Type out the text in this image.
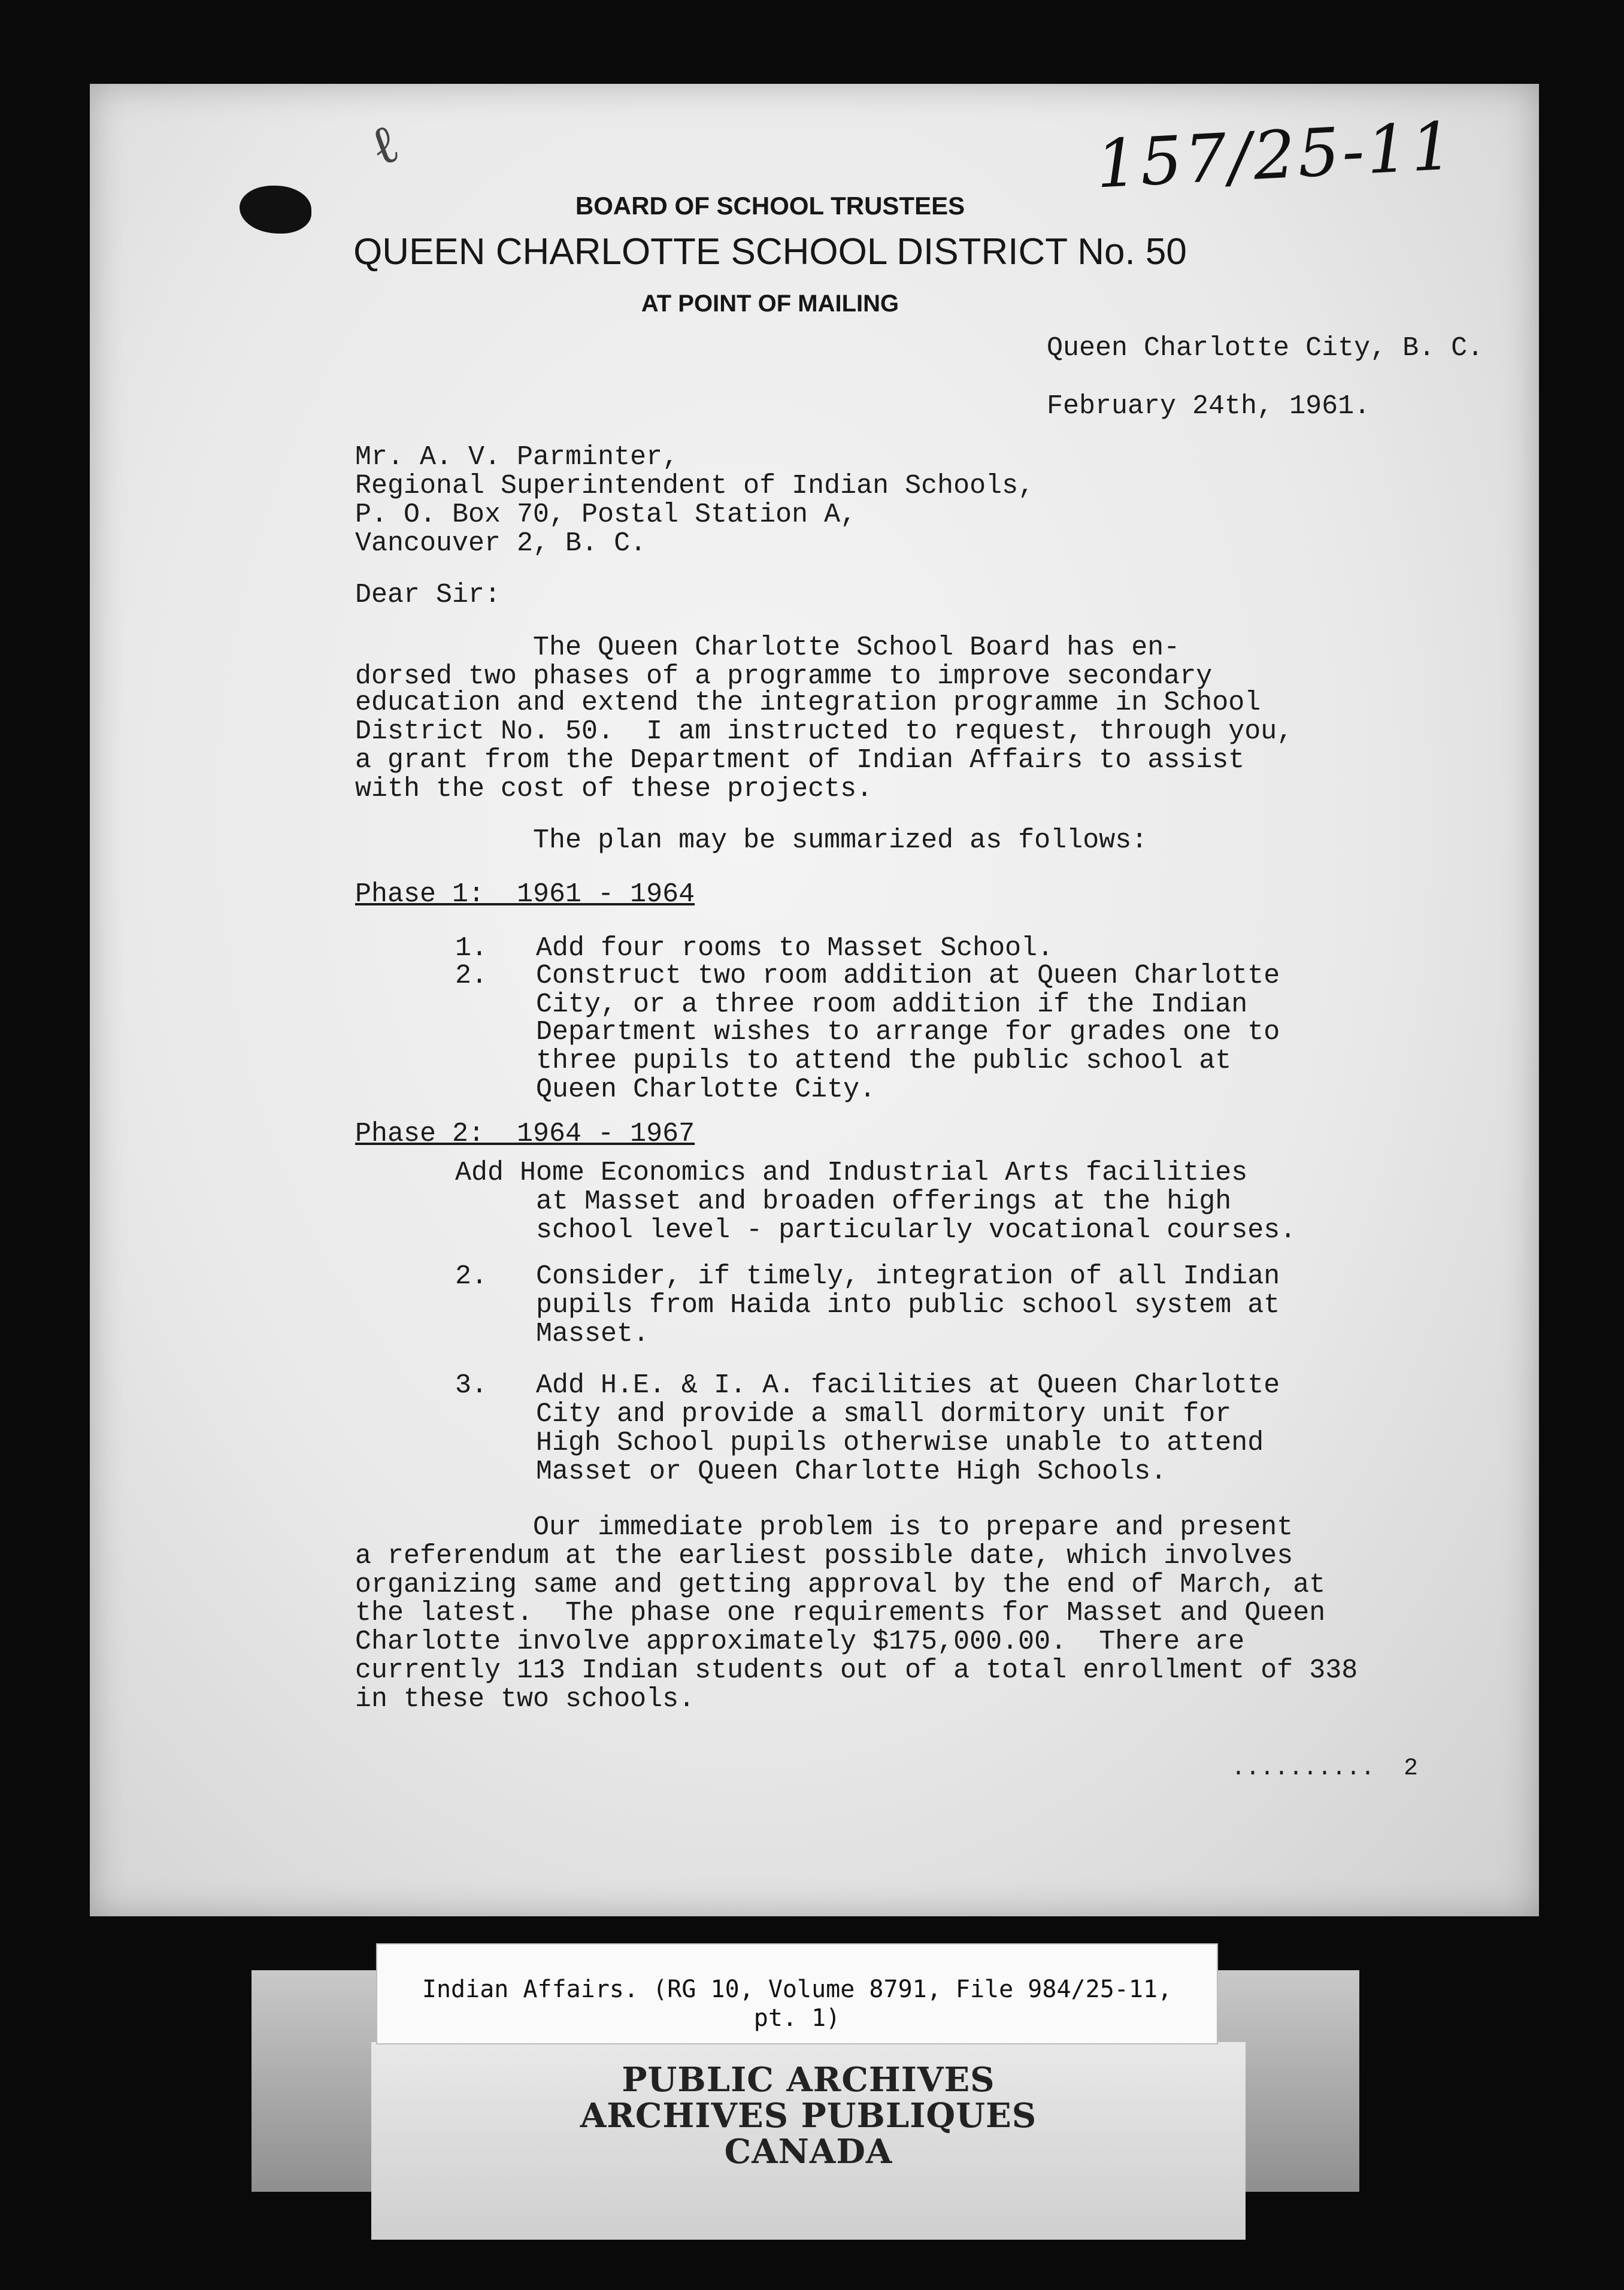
ℓ	157/25-11
BOARD OF SCHOOL TRUSTEES
QUEEN CHARLOTTE SCHOOL DISTRICT No. 50
AT POINT OF MAILING
Queen Charlotte City, B. C.
February 24th, 1961.
Mr. A. V. Parminter,
Regional Superintendent of Indian Schools,
P. O. Box 70, Postal Station A,
Vancouver 2, B. C.
Dear Sir:
The Queen Charlotte School Board has en-
dorsed two phases of a programme to improve secondary
education and extend the integration programme in School
District No. 50.  I am instructed to request, through you,
a grant from the Department of Indian Affairs to assist
with the cost of these projects.
The plan may be summarized as follows:
Phase 1:  1961 - 1964
1.   Add four rooms to Masset School.
2.   Construct two room addition at Queen Charlotte
City, or a three room addition if the Indian
Department wishes to arrange for grades one to
three pupils to attend the public school at
Queen Charlotte City.
Phase 2:  1964 - 1967
Add Home Economics and Industrial Arts facilities
at Masset and broaden offerings at the high
school level - particularly vocational courses.
2.   Consider, if timely, integration of all Indian
pupils from Haida into public school system at
Masset.
3.   Add H.E. & I. A. facilities at Queen Charlotte
City and provide a small dormitory unit for
High School pupils otherwise unable to attend
Masset or Queen Charlotte High Schools.
Our immediate problem is to prepare and present
a referendum at the earliest possible date, which involves
organizing same and getting approval by the end of March, at
the latest.  The phase one requirements for Masset and Queen
Charlotte involve approximately $175,000.00.  There are
currently 113 Indian students out of a total enrollment of 338
in these two schools.
..........  2
Indian Affairs. (RG 10, Volume 8791, File 984/25-11,
pt. 1)
PUBLIC ARCHIVES
ARCHIVES PUBLIQUES
CANADA
